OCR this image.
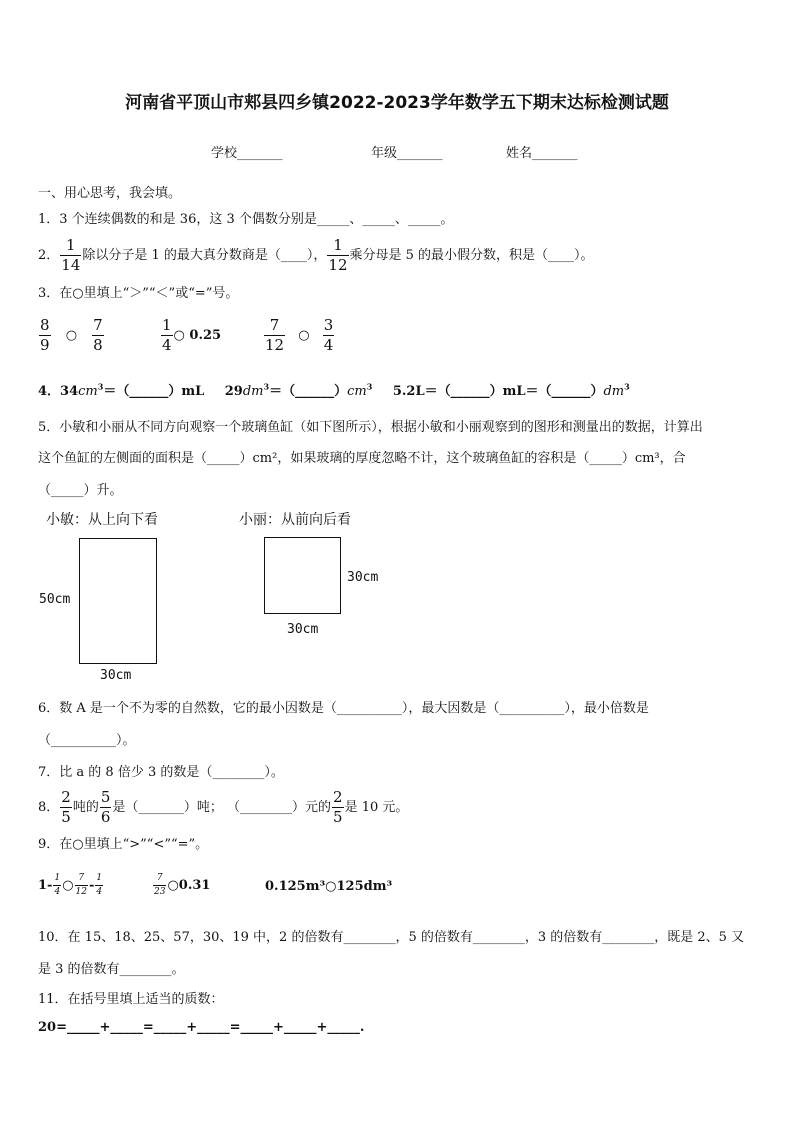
河南省平顶山市郏县四乡镇2022-2023学年数学五下期末达标检测试题
学校_______	年级_______	姓名_______
一、用心思考，我会填。
1．3 个连续偶数的和是 36，这 3 个偶数分别是_____、_____、_____。
2． $\frac{1}{14}$ 除以分子是 1 的最大真分数商是（____）， $\frac{1}{12}$ 乘分母是 5 的最小假分数，积是（____）。
3．在○里填上“＞”“＜”或“=”号。
$\frac{8}{9}$ ○ $\frac{7}{8}$	$\frac{1}{4}$ ○ 0.25	$\frac{7}{12}$ ○ $\frac{3}{4}$
4．$34cm^3=(\_\_\_\_\_\_)mL$ $29dm^3=(\_\_\_\_\_\_)cm^3$ $5.2L=(\_\_\_\_\_\_)mL=(\_\_\_\_\_\_)dm^3$
5．小敏和小丽从不同方向观察一个玻璃鱼缸（如下图所示），根据小敏和小丽观察到的图形和测量出的数据，计算出
这个鱼缸的左侧面的面积是（_____）cm²，如果玻璃的厚度忽略不计，这个玻璃鱼缸的容积是（_____）cm³，合
（_____）升。
小敏：从上向下看	小丽：从前向后看
50cm
30cm
30cm
30cm
6．数 A 是一个不为零的自然数，它的最小因数是（__________），最大因数是（__________），最小倍数是
（__________）。
7．比 a 的 8 倍少 3 的数是（________）。
8． $\frac{2}{5}$ 吨的 $\frac{5}{6}$ 是（_______）吨； （________）元的 $\frac{2}{5}$ 是 10 元。
9．在○里填上“>”“<”“=”。
$1- \frac{1}{4}$ ○ $\frac{7}{12} - \frac{1}{4}$	$\frac{7}{23}$ ○0.31	0.125m³○125dm³
10．在 15、18、25、57，30、19 中，2 的倍数有________，5 的倍数有________，3 的倍数有________，既是 2、5 又
是 3 的倍数有________。
11．在括号里填上适当的质数：
20=_____+_____=_____+_____=_____+_____+_____.
